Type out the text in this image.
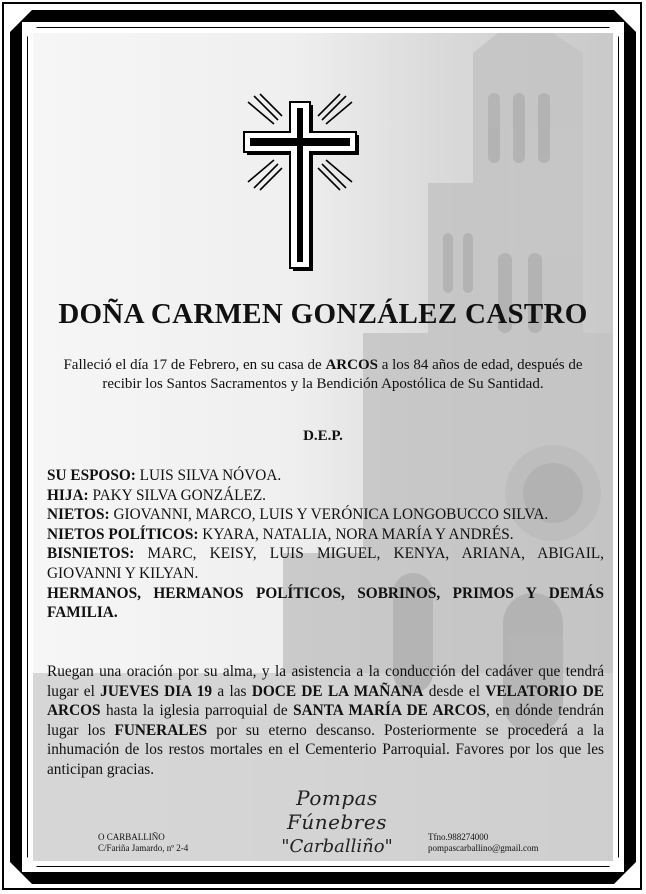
DOÑA CARMEN GONZÁLEZ CASTRO

Falleció el día 17 de Febrero, en su casa de ARCOS a los 84 años de edad, después de recibir los Santos Sacramentos y la Bendición Apostólica de Su Santidad.

D.E.P.

SU ESPOSO: LUIS SILVA NÓVOA.

HIJA: PAKY SILVA GONZÁLEZ.

NIETOS: GIOVANNI, MARCO, LUIS Y VERÓNICA LONGOBUCCO SILVA.

NIETOS POLÍTICOS: KYARA, NATALIA, NORA MARÍA Y ANDRÉS.

BISNIETOS: MARC, KEISY, LUIS MIGUEL, KENYA, ARIANA, ABIGAIL, GIOVANNI Y KILYAN.

HERMANOS, HERMANOS POLÍTICOS, SOBRINOS, PRIMOS Y DEMÁS FAMILIA.

Ruegan una oración por su alma, y la asistencia a la conducción del cadáver que tendrá lugar el JUEVES DIA 19 a las DOCE DE LA MAÑANA desde el VELATORIO DE ARCOS hasta la iglesia parroquial de SANTA MARÍA DE ARCOS, en dónde tendrán lugar los FUNERALES por su eterno descanso. Posteriormente se procederá a la inhumación de los restos mortales en el Cementerio Parroquial. Favores por los que les anticipan gracias.

Pompas Fúnebres
"Carballiño"
O CARBALLIÑO
C/Fariña Jamardo, nº 2-4
Tfno.988274000
pompascarballino@gmail.com
